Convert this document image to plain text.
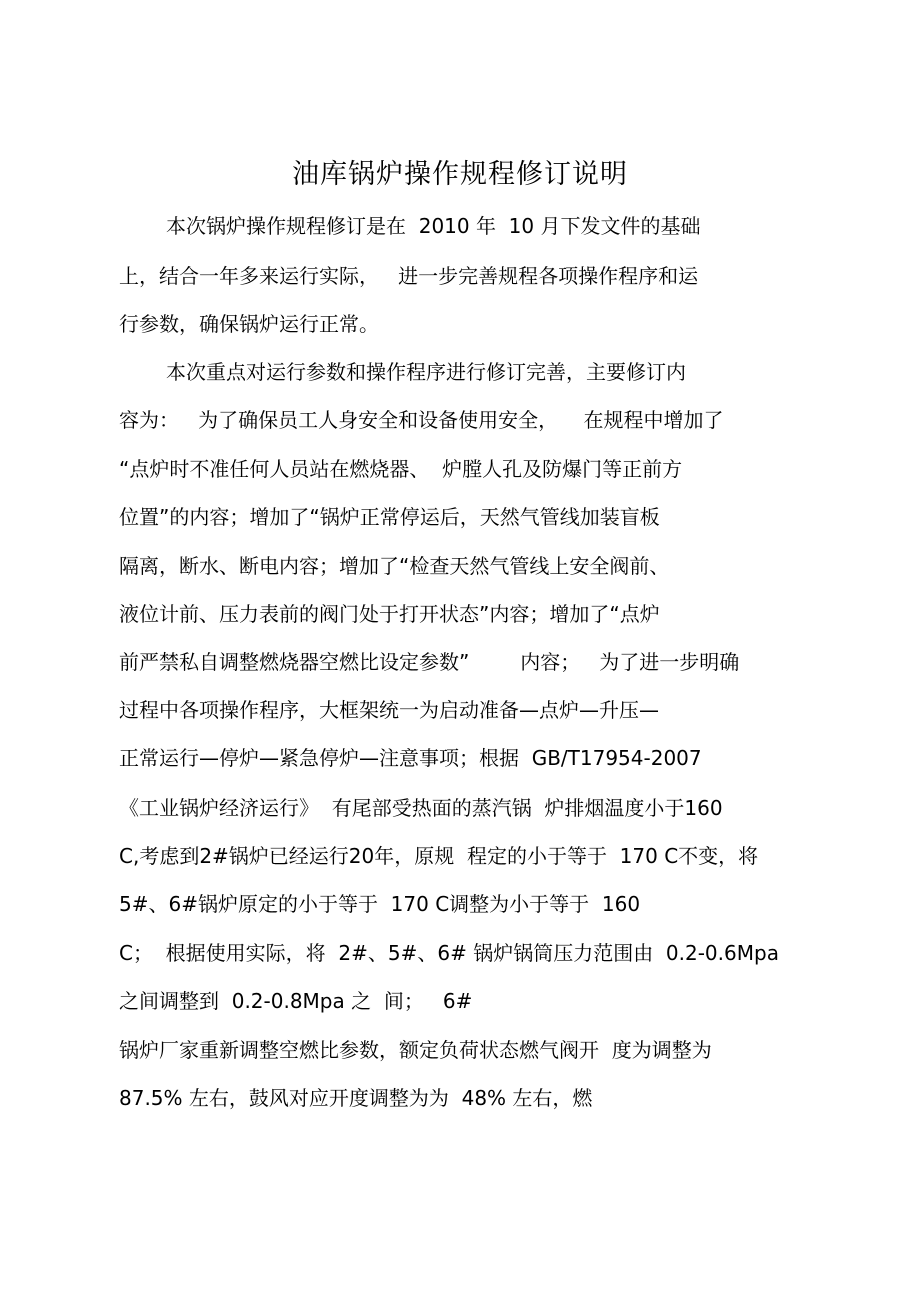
油库锅炉操作规程修订说明
本次锅炉操作规程修订是在  2010 年  10 月下发文件的基础
上，结合一年多来运行实际，   进一步完善规程各项操作程序和运
行参数，确保锅炉运行正常。
本次重点对运行参数和操作程序进行修订完善，主要修订内
容为：   为了确保员工人身安全和设备使用安全，    在规程中增加了
“点炉时不准任何人员站在燃烧器、  炉膛人孔及防爆门等正前方
位置”的内容；增加了“锅炉正常停运后，天然气管线加装盲板
隔离，断水、断电内容；增加了“检查天然气管线上安全阀前、
液位计前、压力表前的阀门处于打开状态”内容；增加了“点炉
前严禁私自调整燃烧器空燃比设定参数”        内容；   为了进一步明确
过程中各项操作程序，大框架统一为启动准备—点炉—升压—
正常运行—停炉—紧急停炉—注意事项；根据  GB/T17954-2007
《工业锅炉经济运行》  有尾部受热面的蒸汽锅  炉排烟温度小于160
C,考虑到2#锅炉已经运行20年，原规  程定的小于等于  170 C不变，将
5#、6#锅炉原定的小于等于  170 C调整为小于等于  160
C；  根据使用实际，将  2#、5#、6# 锅炉锅筒压力范围由  0.2-0.6Mpa
之间调整到  0.2-0.8Mpa 之  间；   6#
锅炉厂家重新调整空燃比参数，额定负荷状态燃气阀开  度为调整为
87.5% 左右，鼓风对应开度调整为为  48% 左右，燃
